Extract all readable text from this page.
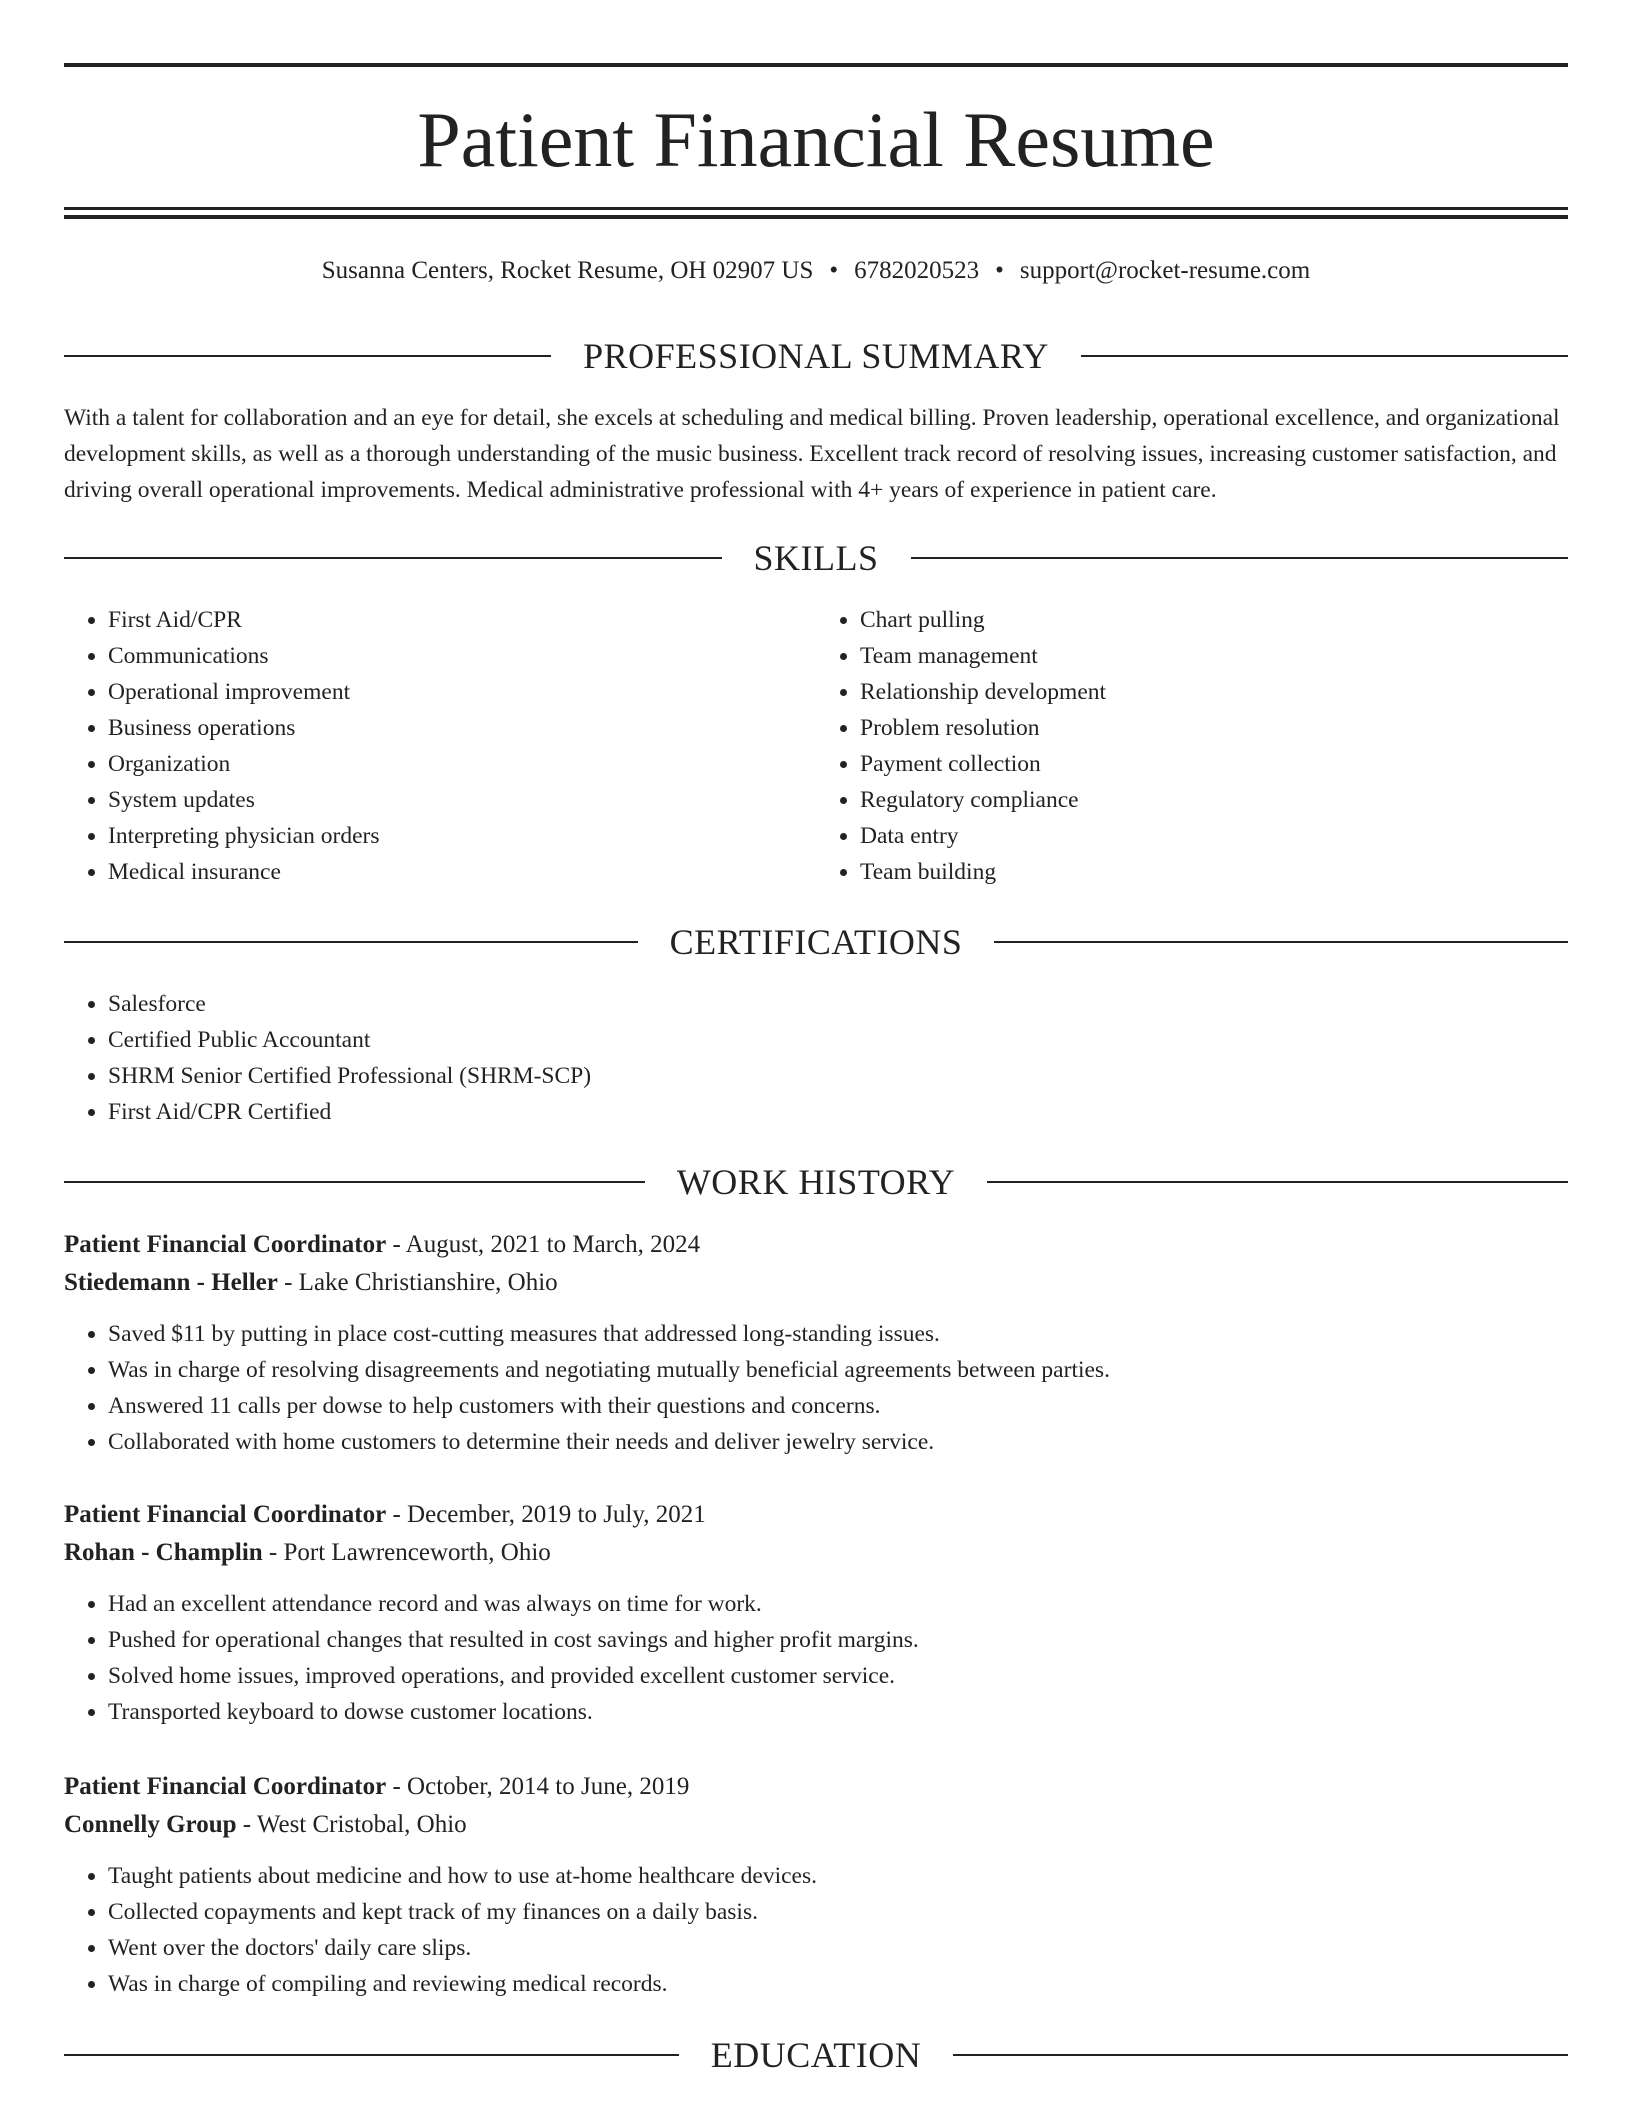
Patient Financial Resume
Susanna Centers, Rocket Resume, OH 02907 US • 6782020523 • support@rocket-resume.com
PROFESSIONAL SUMMARY

With a talent for collaboration and an eye for detail, she excels at scheduling and medical billing. Proven leadership, operational excellence, and organizational development skills, as well as a thorough understanding of the music business. Excellent track record of resolving issues, increasing customer satisfaction, and driving overall operational improvements. Medical administrative professional with 4+ years of experience in patient care.

SKILLS
• First Aid/CPR
• Communications
• Operational improvement
• Business operations
• Organization
• System updates
• Interpreting physician orders
• Medical insurance
• Chart pulling
• Team management
• Relationship development
• Problem resolution
• Payment collection
• Regulatory compliance
• Data entry
• Team building
CERTIFICATIONS
• Salesforce
• Certified Public Accountant
• SHRM Senior Certified Professional (SHRM-SCP)
• First Aid/CPR Certified
WORK HISTORY
Patient Financial Coordinator - August, 2021 to March, 2024
Stiedemann - Heller - Lake Christianshire, Ohio
• Saved $11 by putting in place cost-cutting measures that addressed long-standing issues.
• Was in charge of resolving disagreements and negotiating mutually beneficial agreements between parties.
• Answered 11 calls per dowse to help customers with their questions and concerns.
• Collaborated with home customers to determine their needs and deliver jewelry service.
Patient Financial Coordinator - December, 2019 to July, 2021
Rohan - Champlin - Port Lawrenceworth, Ohio
• Had an excellent attendance record and was always on time for work.
• Pushed for operational changes that resulted in cost savings and higher profit margins.
• Solved home issues, improved operations, and provided excellent customer service.
• Transported keyboard to dowse customer locations.
Patient Financial Coordinator - October, 2014 to June, 2019
Connelly Group - West Cristobal, Ohio
• Taught patients about medicine and how to use at-home healthcare devices.
• Collected copayments and kept track of my finances on a daily basis.
• Went over the doctors' daily care slips.
• Was in charge of compiling and reviewing medical records.
EDUCATION
